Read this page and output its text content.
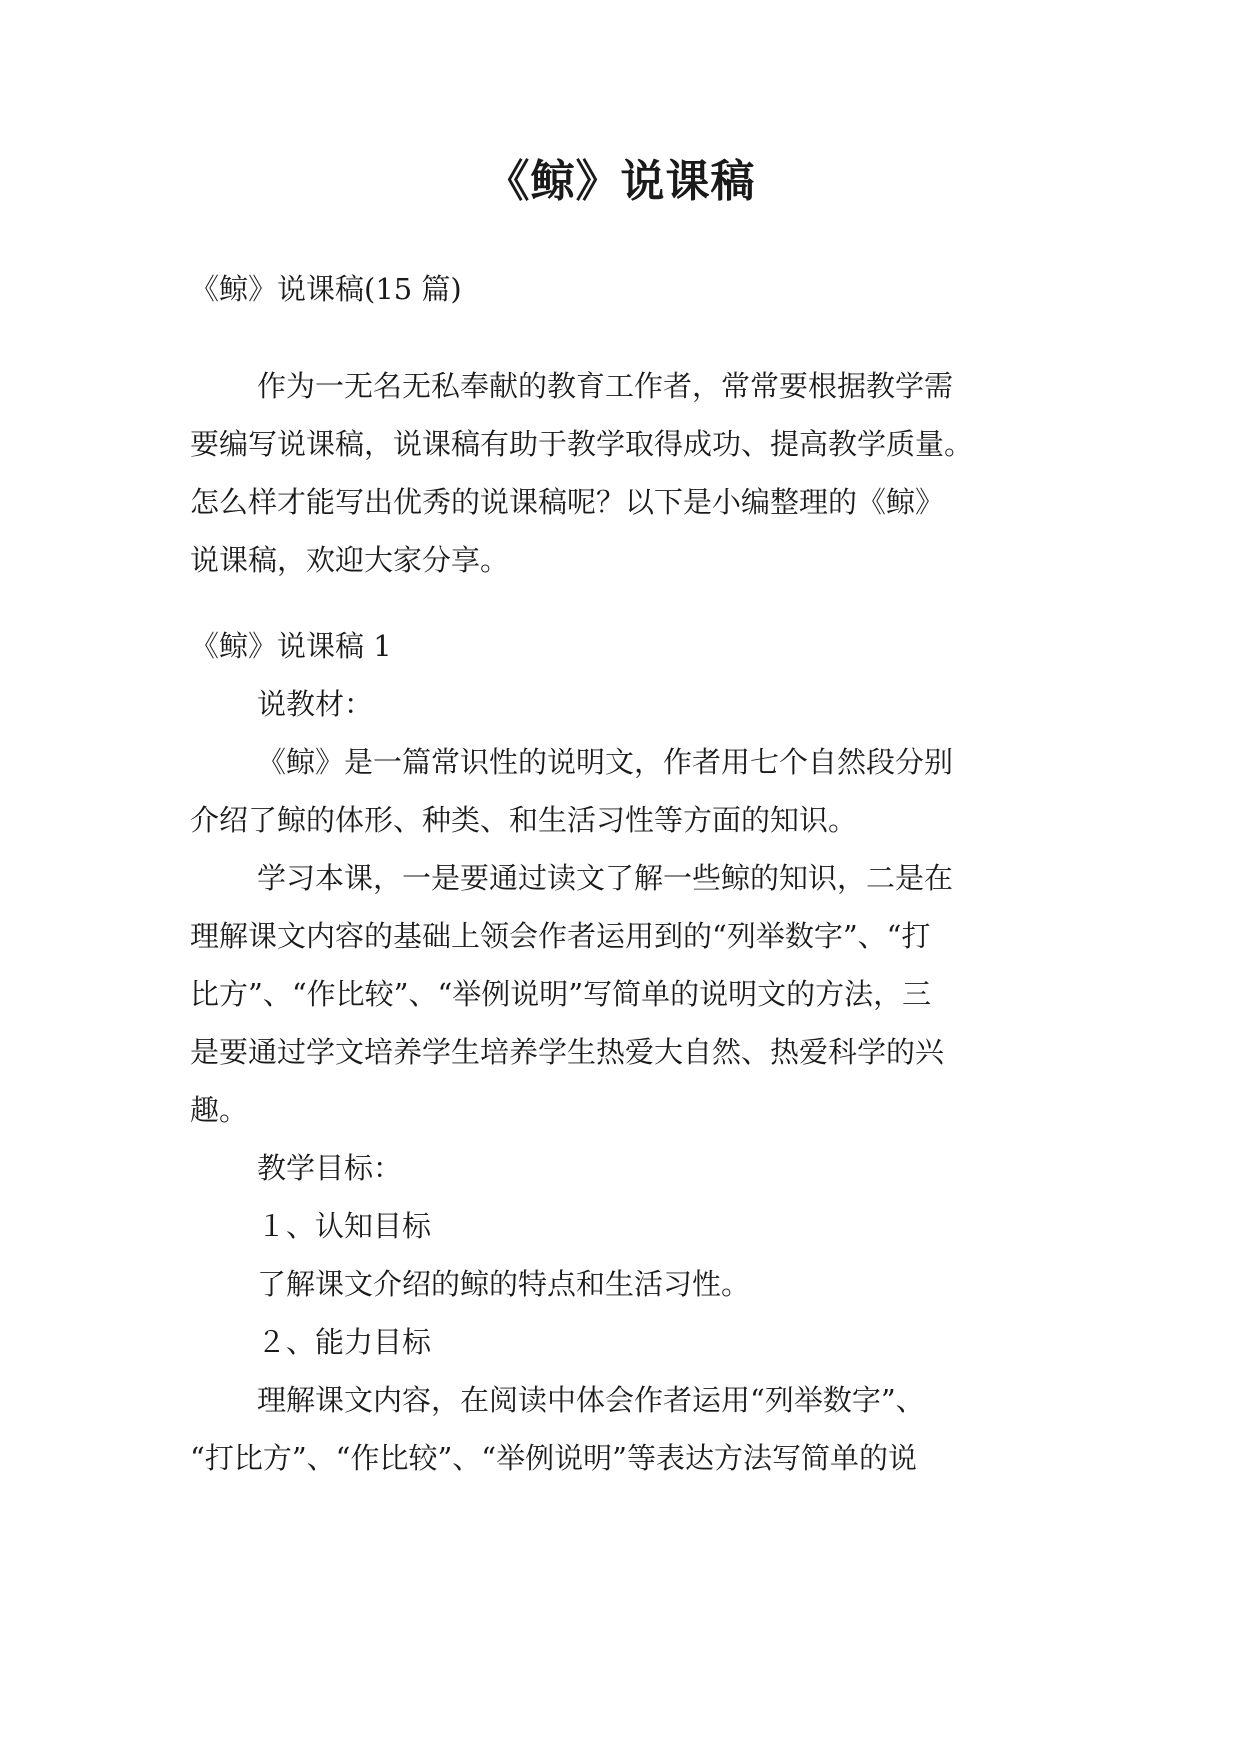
《鲸》说课稿
《鲸》说课稿(15 篇)
作为一无名无私奉献的教育工作者，常常要根据教学需
要编写说课稿，说课稿有助于教学取得成功、提高教学质量。
怎么样才能写出优秀的说课稿呢？以下是小编整理的《鲸》
说课稿，欢迎大家分享。
《鲸》说课稿 1
说教材：
《鲸》是一篇常识性的说明文，作者用七个自然段分别
介绍了鲸的体形、种类、和生活习性等方面的知识。
学习本课，一是要通过读文了解一些鲸的知识，二是在
理解课文内容的基础上领会作者运用到的“列举数字”、“打
比方”、“作比较”、“举例说明”写简单的说明文的方法，三
是要通过学文培养学生培养学生热爱大自然、热爱科学的兴
趣。
教学目标：
１、认知目标
了解课文介绍的鲸的特点和生活习性。
２、能力目标
理解课文内容，在阅读中体会作者运用“列举数字”、
“打比方”、“作比较”、“举例说明”等表达方法写简单的说
